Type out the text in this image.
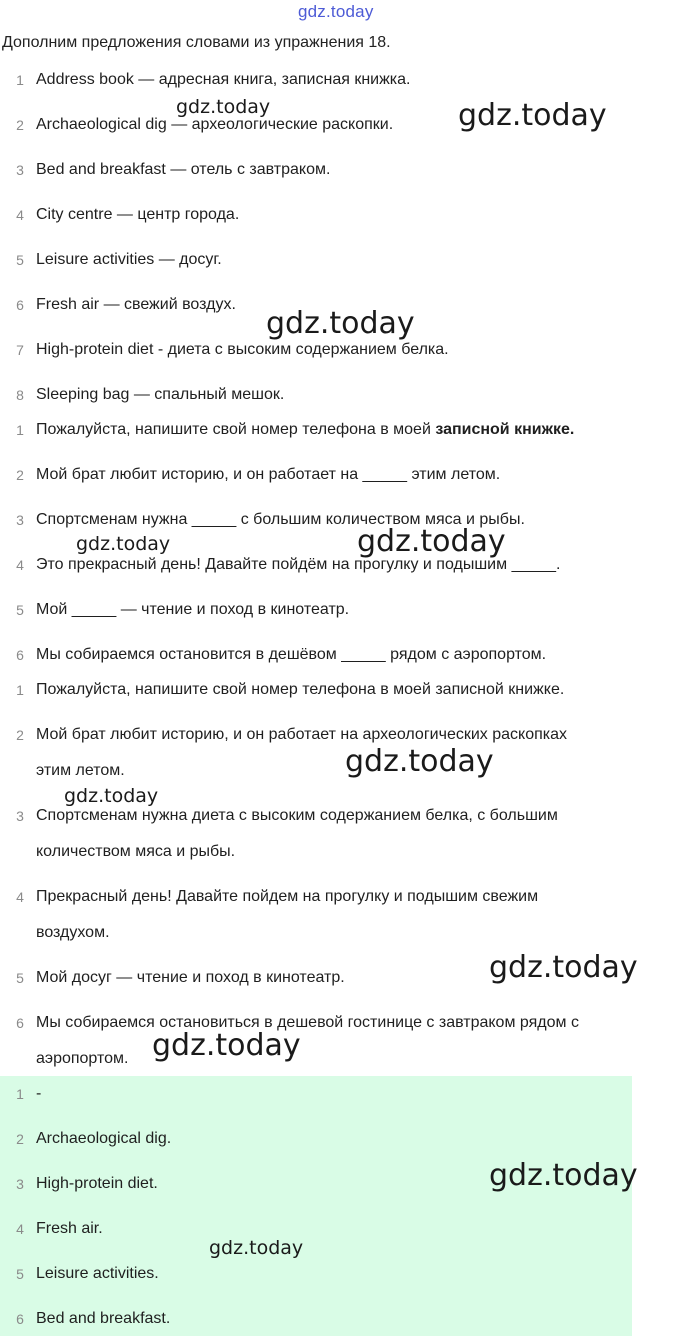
gdz.today
Дополним предложения словами из упражнения 18.
1 Address book — адресная книга, записная книжка.
2 Archaeological dig — археологические раскопки.
3 Bed and breakfast — отель с завтраком.
4 City centre — центр города.
5 Leisure activities — досуг.
6 Fresh air — свежий воздух.
7 High-protein diet - диета с высоким содержанием белка.
8 Sleeping bag — спальный мешок.
1 Пожалуйста, напишите свой номер телефона в моей записной книжке.
2 Мой брат любит историю, и он работает на _____ этим летом.
3 Спортсменам нужна _____ с большим количеством мяса и рыбы.
4 Это прекрасный день! Давайте пойдём на прогулку и подышим _____.
5 Мой _____ — чтение и поход в кинотеатр.
6 Мы собираемся остановится в дешёвом _____ рядом с аэропортом.
1 Пожалуйста, напишите свой номер телефона в моей записной книжке.
2 Мой брат любит историю, и он работает на археологических раскопках
этим летом.
3 Спортсменам нужна диета с высоким содержанием белка, с большим
количеством мяса и рыбы.
4 Прекрасный день! Давайте пойдем на прогулку и подышим свежим
воздухом.
5 Мой досуг — чтение и поход в кинотеатр.
6 Мы собираемся остановиться в дешевой гостинице с завтраком рядом с
аэропортом.
1 -
2 Archaeological dig.
3 High-protein diet.
4 Fresh air.
5 Leisure activities.
6 Bed and breakfast.
gdz.today	gdz.today
gdz.today
gdz.today	gdz.today
gdz.today
gdz.today
gdz.today
gdz.today
gdz.today
gdz.today
